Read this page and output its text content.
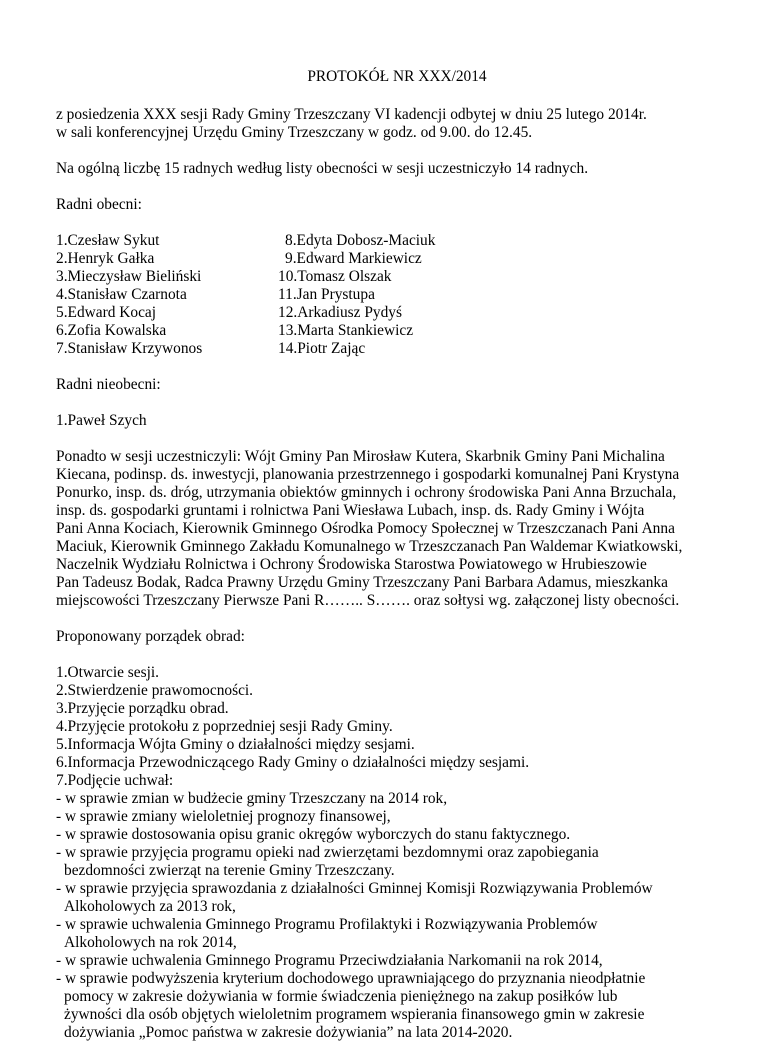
PROTOKÓŁ NR XXX/2014
z posiedzenia XXX sesji Rady Gminy Trzeszczany VI kadencji odbytej w dniu 25 lutego 2014r.
w sali konferencyjnej Urzędu Gminy Trzeszczany w godz. od 9.00. do 12.45.
Na ogólną liczbę 15 radnych według listy obecności w sesji uczestniczyło 14 radnych.
Radni obecni:
1.Czesław Sykut
2.Henryk Gałka
3.Mieczysław Bieliński
4.Stanisław Czarnota
5.Edward Kocaj
6.Zofia Kowalska
7.Stanisław Krzywonos
8.Edyta Dobosz-Maciuk
9.Edward Markiewicz
10.Tomasz Olszak
11.Jan Prystupa
12.Arkadiusz Pydyś
13.Marta Stankiewicz
14.Piotr Zając
Radni nieobecni:
1.Paweł Szych
Ponadto w sesji uczestniczyli: Wójt Gminy Pan Mirosław Kutera, Skarbnik Gminy Pani Michalina
Kiecana, podinsp. ds. inwestycji, planowania przestrzennego i gospodarki komunalnej Pani Krystyna
Ponurko, insp. ds. dróg, utrzymania obiektów gminnych i ochrony środowiska Pani Anna Brzuchala,
insp. ds. gospodarki gruntami i rolnictwa Pani Wiesława Lubach, insp. ds. Rady Gminy i Wójta
Pani Anna Kociach, Kierownik Gminnego Ośrodka Pomocy Społecznej w Trzeszczanach Pani Anna
Maciuk, Kierownik Gminnego Zakładu Komunalnego w Trzeszczanach Pan Waldemar Kwiatkowski,
Naczelnik Wydziału Rolnictwa i Ochrony Środowiska Starostwa Powiatowego w Hrubieszowie
Pan Tadeusz Bodak, Radca Prawny Urzędu Gminy Trzeszczany Pani Barbara Adamus, mieszkanka
miejscowości Trzeszczany Pierwsze Pani R…….. S……. oraz sołtysi wg. załączonej listy obecności.
Proponowany porządek obrad:
1.Otwarcie sesji.
2.Stwierdzenie prawomocności.
3.Przyjęcie porządku obrad.
4.Przyjęcie protokołu z poprzedniej sesji Rady Gminy.
5.Informacja Wójta Gminy o działalności między sesjami.
6.Informacja Przewodniczącego Rady Gminy o działalności między sesjami.
7.Podjęcie uchwał:
- w sprawie zmian w budżecie gminy Trzeszczany na 2014 rok,
- w sprawie zmiany wieloletniej prognozy finansowej,
- w sprawie dostosowania opisu granic okręgów wyborczych do stanu faktycznego.
- w sprawie przyjęcia programu opieki nad zwierzętami bezdomnymi oraz zapobiegania
bezdomności zwierząt na terenie Gminy Trzeszczany.
- w sprawie przyjęcia sprawozdania z działalności Gminnej Komisji Rozwiązywania Problemów
Alkoholowych za 2013 rok,
- w sprawie uchwalenia Gminnego Programu Profilaktyki i Rozwiązywania Problemów
Alkoholowych na rok 2014,
- w sprawie uchwalenia Gminnego Programu Przeciwdziałania Narkomanii na rok 2014,
- w sprawie podwyższenia kryterium dochodowego uprawniającego do przyznania nieodpłatnie
pomocy w zakresie dożywiania w formie świadczenia pieniężnego na zakup posiłków lub
żywności dla osób objętych wieloletnim programem wspierania finansowego gmin w zakresie
dożywiania „Pomoc państwa w zakresie dożywiania” na lata 2014-2020.
